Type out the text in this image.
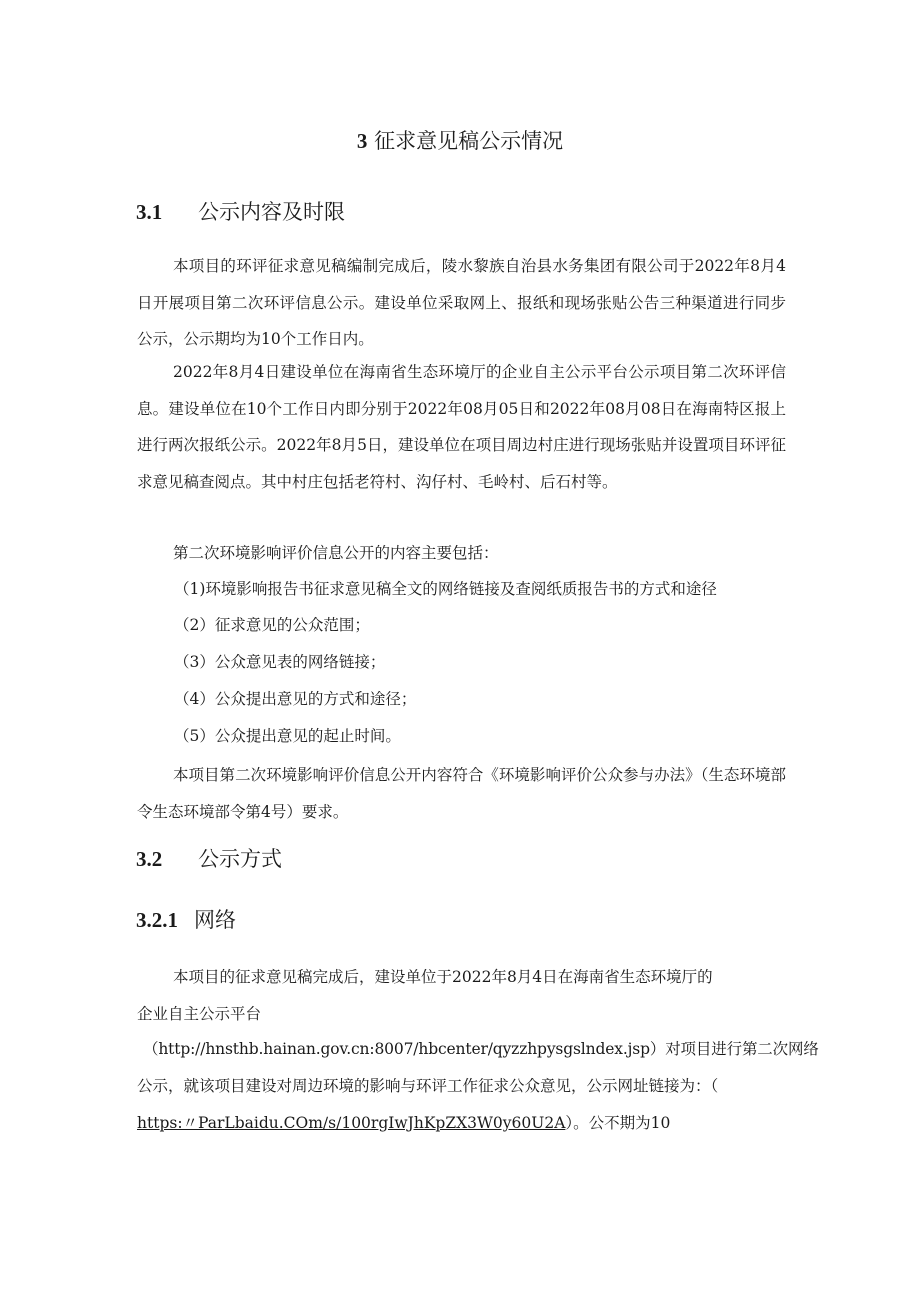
3 征求意见稿公示情况
3.1 公示内容及时限

本项目的环评征求意见稿编制完成后，陵水黎族自治县水务集团有限公司于2022年8月4日开展项目第二次环评信息公示。建设单位采取网上、报纸和现场张贴公告三种渠道进行同步公示，公示期均为10个工作日内。

2022年8月4日建设单位在海南省生态环境厅的企业自主公示平台公示项目第二次环评信息。建设单位在10个工作日内即分别于2022年08月05日和2022年08月08日在海南特区报上进行两次报纸公示。2022年8月5日，建设单位在项目周边村庄进行现场张贴并设置项目环评征求意见稿查阅点。其中村庄包括老符村、沟仔村、毛岭村、后石村等。

第二次环境影响评价信息公开的内容主要包括：

（1)环境影响报告书征求意见稿全文的网络链接及查阅纸质报告书的方式和途径
（2）征求意见的公众范围；
（3）公众意见表的网络链接；
（4）公众提出意见的方式和途径；
（5）公众提出意见的起止时间。

本项目第二次环境影响评价信息公开内容符合《环境影响评价公众参与办法》（生态环境部令生态环境部令第4号）要求。

3.2 公示方式
3.2.1 网络
本项目的征求意见稿完成后，建设单位于2022年8月4日在海南省生态环境厅的
企业自主公示平台
（http://hnsthb.hainan.gov.cn:8007/hbcenter/qyzzhpysgslndex.jsp）对项目进行第二次网络
公示，就该项目建设对周边环境的影响与环评工作征求公众意见，公示网址链接为：（
https:〃ParLbaidu.COm∕s∕100rgIwJhKpZX3W0y60U2A）。公不期为10
